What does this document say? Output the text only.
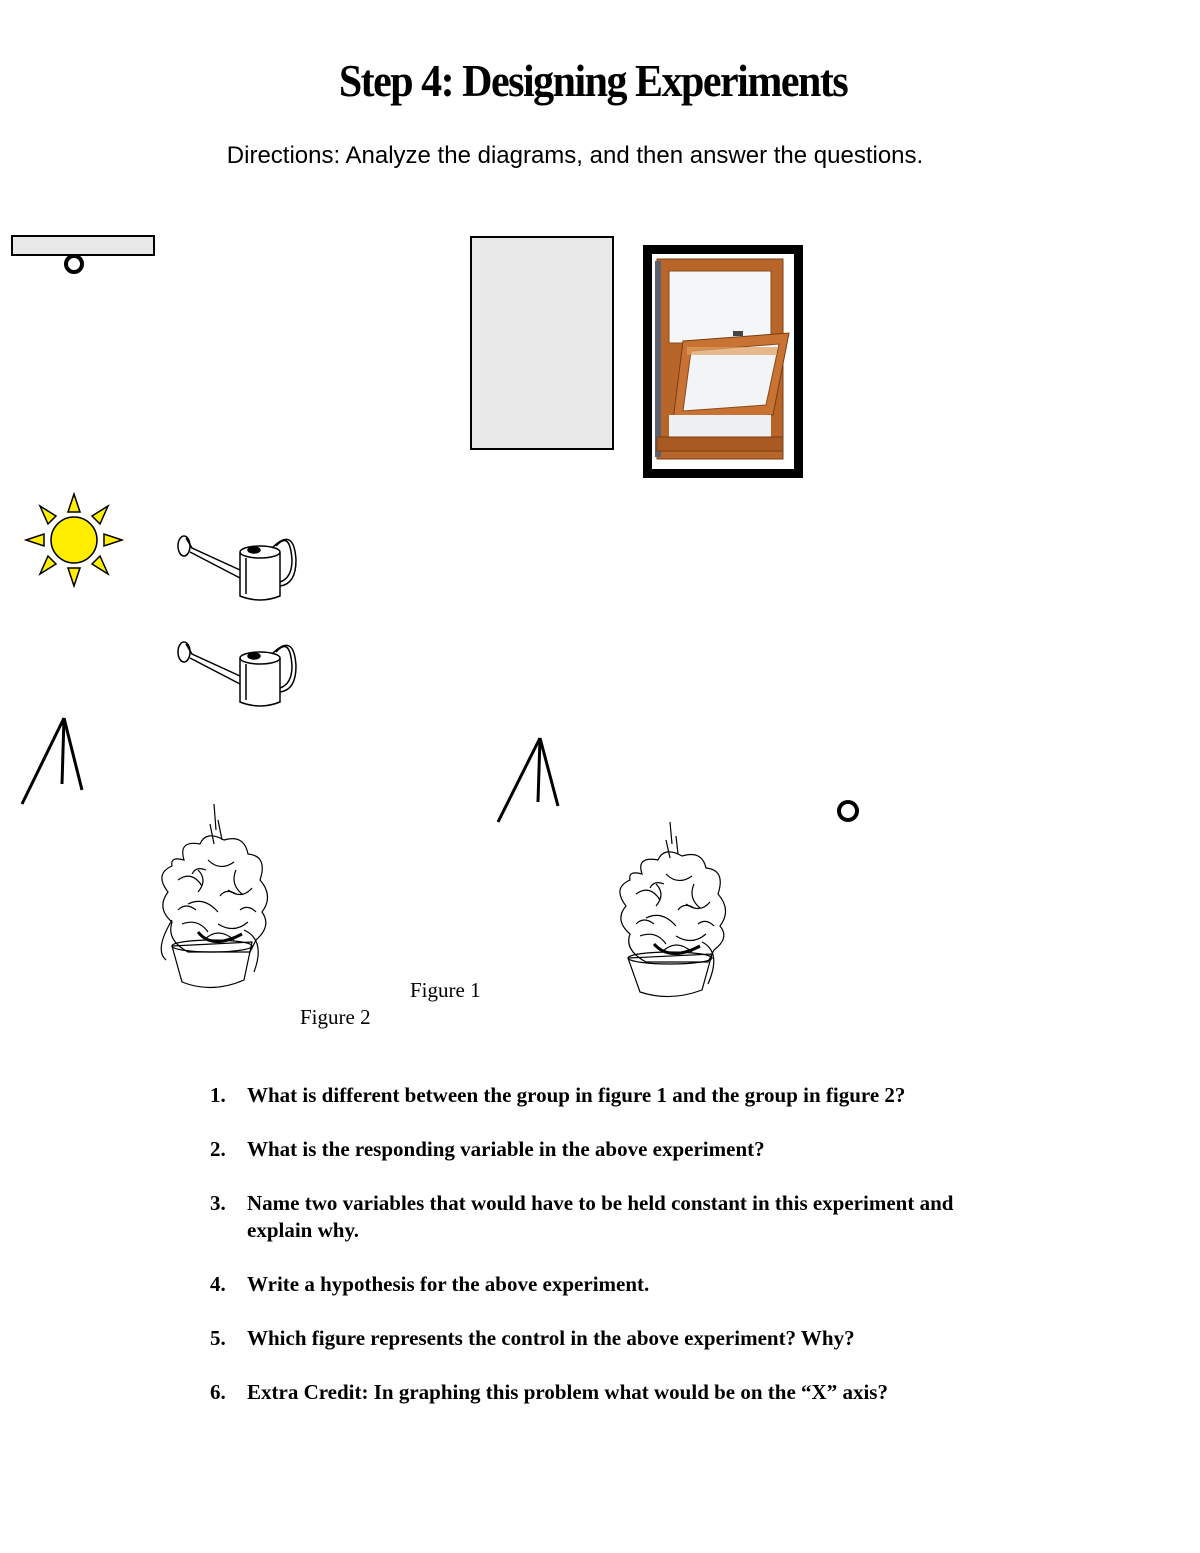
Step 4: Designing Experiments
Directions: Analyze the diagrams, and then answer the questions.
Figure 1
Figure 2
1.	What is different between the group in figure 1 and the group in figure 2?
2.	What is the responding variable in the above experiment?
3.	Name two variables that would have to be held constant in this experiment and explain why.
4.	Write a hypothesis for the above experiment.
5.	Which figure represents the control in the above experiment? Why?
6.	Extra Credit: In graphing this problem what would be on the “X” axis?
